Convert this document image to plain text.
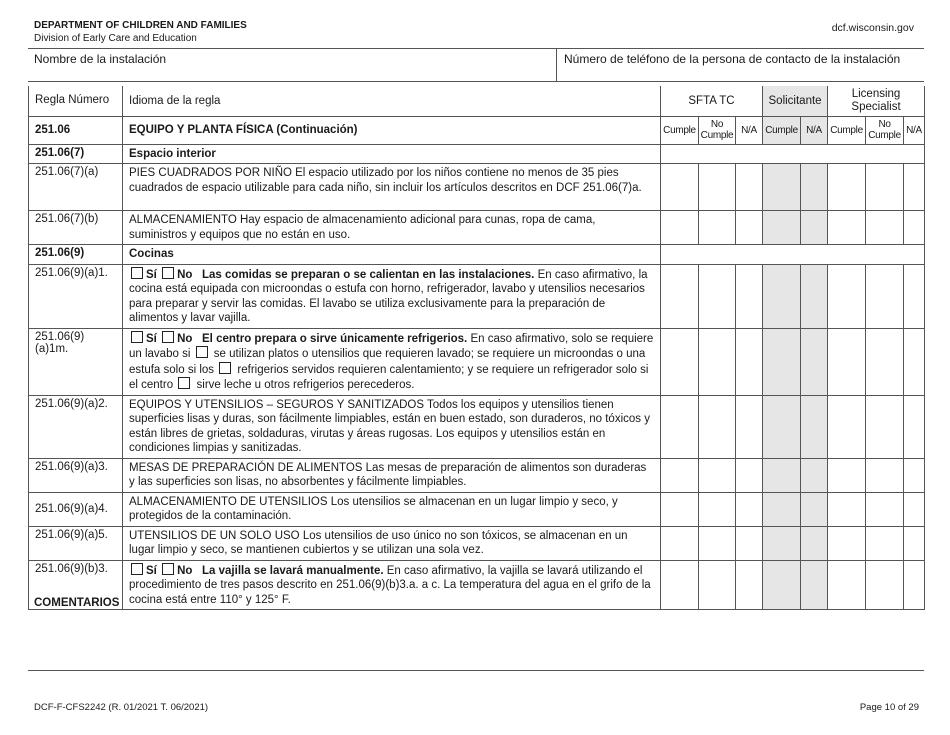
DEPARTMENT OF CHILDREN AND FAMILIES
Division of Early Care and Education
dcf.wisconsin.gov
Nombre de la instalación	Número de teléfono de la persona de contacto de la instalación
Regla Número	Idioma de la regla	SFTA TC			Solicitante		Licensing Specialist		
251.06	EQUIPO Y PLANTA FÍSICA (Continuación)	Cumple	No Cumple	N/A	Cumple	N/A	Cumple	No Cumple	N/A
251.06(7)	Espacio interior								
251.06(7)(a)	PIES CUADRADOS POR NIÑO El espacio utilizado por los niños contiene no menos de 35 pies cuadrados de espacio utilizable para cada niño, sin incluir los artículos descritos en DCF 251.06(7)a.								
251.06(7)(b)	ALMACENAMIENTO Hay espacio de almacenamiento adicional para cunas, ropa de cama, suministros y equipos que no están en uso.								
251.06(9)	Cocinas								
251.06(9)(a)1.	Sí No Las comidas se preparan o se calientan en las instalaciones. En caso afirmativo, la cocina está equipada con microondas o estufa con horno, refrigerador, lavabo y utensilios necesarios para preparar y servir las comidas. El lavabo se utiliza exclusivamente para la preparación de alimentos y lavar vajilla.								
251.06(9)(a)1m.	Sí No El centro prepara o sirve únicamente refrigerios. En caso afirmativo, solo se requiere un lavabo si  se utilizan platos o utensilios que requieren lavado; se requiere un microondas o una estufa solo si los  refrigerios servidos requieren calentamiento; y se requiere un refrigerador solo si el centro  sirve leche u otros refrigerios perecederos.								
251.06(9)(a)2.	EQUIPOS Y UTENSILIOS – SEGUROS Y SANITIZADOS Todos los equipos y utensilios tienen superficies lisas y duras, son fácilmente limpiables, están en buen estado, son duraderos, no tóxicos y están libres de grietas, soldaduras, virutas y áreas rugosas. Los equipos y utensilios están en condiciones limpias y sanitizadas.								
251.06(9)(a)3.	MESAS DE PREPARACIÓN DE ALIMENTOS Las mesas de preparación de alimentos son duraderas y las superficies son lisas, no absorbentes y fácilmente limpiables.								
251.06(9)(a)4.	ALMACENAMIENTO DE UTENSILIOS Los utensilios se almacenan en un lugar limpio y seco, y protegidos de la contaminación.								
251.06(9)(a)5.	UTENSILIOS DE UN SOLO USO Los utensilios de uso único no son tóxicos, se almacenan en un lugar limpio y seco, se mantienen cubiertos y se utilizan una sola vez.								
251.06(9)(b)3.	Sí No La vajilla se lavará manualmente. En caso afirmativo, la vajilla se lavará utilizando el procedimiento de tres pasos descrito en 251.06(9)(b)3.a. a c. La temperatura del agua en el grifo de la cocina está entre 110° y 125° F.								
COMENTARIOS
DCF-F-CFS2242 (R. 01/2021 T. 06/2021)	Page 10 of 29
